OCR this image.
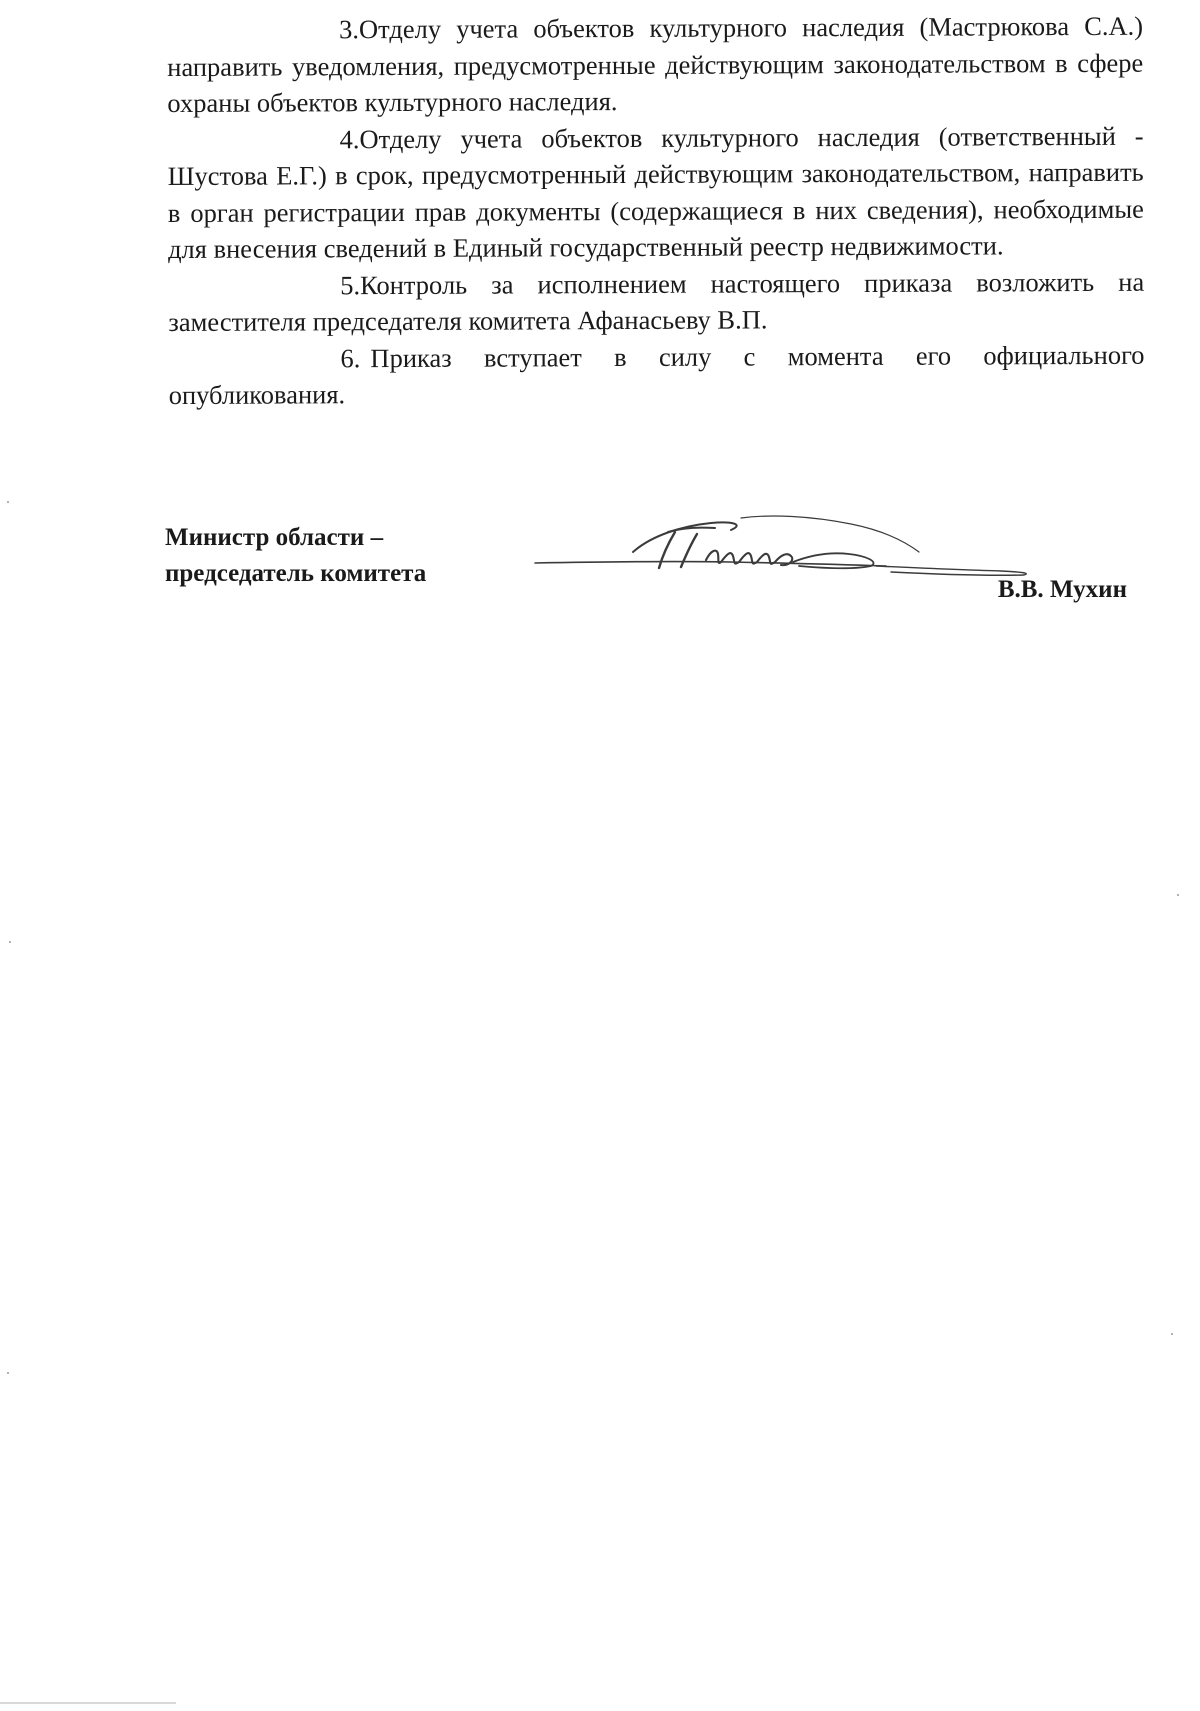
3.Отделу учета объектов культурного наследия (Мастрюкова С.А.) направить уведомления, предусмотренные действующим законодательством в сфере охраны объектов культурного наследия.

4.Отделу учета объектов культурного наследия (ответственный - Шустова Е.Г.) в срок, предусмотренный действующим законодательством, направить в орган регистрации прав документы (содержащиеся в них сведения), необходимые для внесения сведений в Единый государственный реестр недвижимости.

5.Контроль за исполнением настоящего приказа возложить на заместителя председателя комитета Афанасьеву В.П.

6. Приказ вступает в силу с момента его официального опубликования.

Министр области –
председатель комитета
В.В. Мухин
